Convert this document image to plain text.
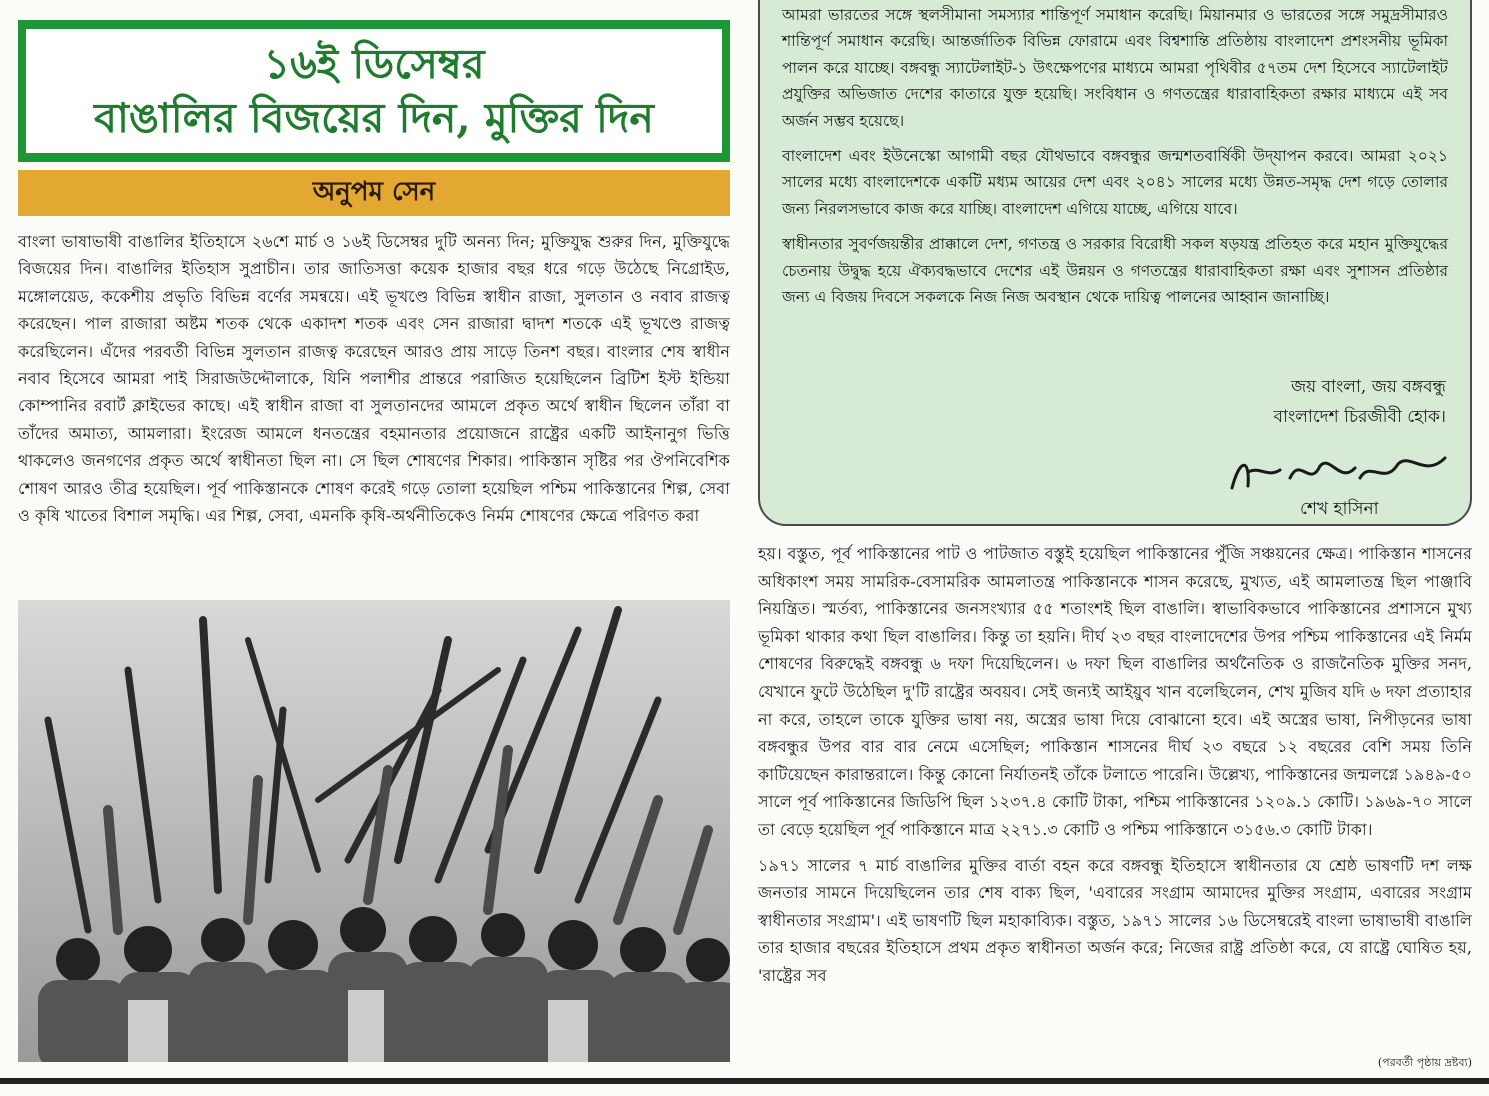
১৬ই ডিসেম্বর
বাঙালির বিজয়ের দিন, মুক্তির দিন
অনুপম সেন
বাংলা ভাষাভাষী বাঙালির ইতিহাসে ২৬শে মার্চ ও ১৬ই ডিসেম্বর দুটি অনন্য দিন; মুক্তিযুদ্ধ শুরুর দিন, মুক্তিযুদ্ধে বিজয়ের দিন। বাঙালির ইতিহাস সুপ্রাচীন। তার জাতিসত্তা কয়েক হাজার বছর ধরে গড়ে উঠেছে নিগ্রোইড, মঙ্গোলয়েড, ককেশীয় প্রভৃতি বিভিন্ন বর্ণের সমন্বয়ে। এই ভূখণ্ডে বিভিন্ন স্বাধীন রাজা, সুলতান ও নবাব রাজত্ব করেছেন। পাল রাজারা অষ্টম শতক থেকে একাদশ শতক এবং সেন রাজারা দ্বাদশ শতকে এই ভূখণ্ডে রাজত্ব করেছিলেন। এঁদের পরবর্তী বিভিন্ন সুলতান রাজত্ব করেছেন আরও প্রায় সাড়ে তিনশ বছর। বাংলার শেষ স্বাধীন নবাব হিসেবে আমরা পাই সিরাজউদ্দৌলাকে, যিনি পলাশীর প্রান্তরে পরাজিত হয়েছিলেন ব্রিটিশ ইস্ট ইন্ডিয়া কোম্পানির রবার্ট ক্লাইভের কাছে। এই স্বাধীন রাজা বা সুলতানদের আমলে প্রকৃত অর্থে স্বাধীন ছিলেন তাঁরা বা তাঁদের অমাত্য, আমলারা। ইংরেজ আমলে ধনতন্ত্রের বহমানতার প্রয়োজনে রাষ্ট্রের একটি আইনানুগ ভিত্তি থাকলেও জনগণের প্রকৃত অর্থে স্বাধীনতা ছিল না। সে ছিল শোষণের শিকার। পাকিস্তান সৃষ্টির পর ঔপনিবেশিক শোষণ আরও তীব্র হয়েছিল। পূর্ব পাকিস্তানকে শোষণ করেই গড়ে তোলা হয়েছিল পশ্চিম পাকিস্তানের শিল্প, সেবা ও কৃষি খাতের বিশাল সমৃদ্ধি। এর শিল্প, সেবা, এমনকি কৃষি-অর্থনীতিকেও নির্মম শোষণের ক্ষেত্রে পরিণত করা

আমরা ভারতের সঙ্গে স্থলসীমানা সমস্যার শান্তিপূর্ণ সমাধান করেছি। মিয়ানমার ও ভারতের সঙ্গে সমুদ্রসীমারও শান্তিপূর্ণ সমাধান করেছি। আন্তর্জাতিক বিভিন্ন ফোরামে এবং বিশ্বশান্তি প্রতিষ্ঠায় বাংলাদেশ প্রশংসনীয় ভূমিকা পালন করে যাচ্ছে। বঙ্গবন্ধু স্যাটেলাইট-১ উৎক্ষেপণের মাধ্যমে আমরা পৃথিবীর ৫৭তম দেশ হিসেবে স্যাটেলাইট প্রযুক্তির অভিজাত দেশের কাতারে যুক্ত হয়েছি। সংবিধান ও গণতন্ত্রের ধারাবাহিকতা রক্ষার মাধ্যমে এই সব অর্জন সম্ভব হয়েছে।

বাংলাদেশ এবং ইউনেস্কো আগামী বছর যৌথভাবে বঙ্গবন্ধুর জন্মশতবার্ষিকী উদ্‌যাপন করবে। আমরা ২০২১ সালের মধ্যে বাংলাদেশকে একটি মধ্যম আয়ের দেশ এবং ২০৪১ সালের মধ্যে উন্নত-সমৃদ্ধ দেশ গড়ে তোলার জন্য নিরলসভাবে কাজ করে যাচ্ছি। বাংলাদেশ এগিয়ে যাচ্ছে, এগিয়ে যাবে।

স্বাধীনতার সুবর্ণজয়ন্তীর প্রাক্কালে দেশ, গণতন্ত্র ও সরকার বিরোধী সকল ষড়যন্ত্র প্রতিহত করে মহান মুক্তিযুদ্ধের চেতনায় উদ্বুদ্ধ হয়ে ঐক্যবদ্ধভাবে দেশের এই উন্নয়ন ও গণতন্ত্রের ধারাবাহিকতা রক্ষা এবং সুশাসন প্রতিষ্ঠার জন্য এ বিজয় দিবসে সকলকে নিজ নিজ অবস্থান থেকে দায়িত্ব পালনের আহ্বান জানাচ্ছি।

জয় বাংলা, জয় বঙ্গবন্ধু
বাংলাদেশ চিরজীবী হোক।
শেখ হাসিনা

হয়। বস্তুত, পূর্ব পাকিস্তানের পাট ও পাটজাত বস্তুই হয়েছিল পাকিস্তানের পুঁজি সঞ্চয়নের ক্ষেত্র। পাকিস্তান শাসনের অধিকাংশ সময় সামরিক-বেসামরিক আমলাতন্ত্র পাকিস্তানকে শাসন করেছে, মুখ্যত, এই আমলাতন্ত্র ছিল পাঞ্জাবি নিয়ন্ত্রিত। স্মর্তব্য, পাকিস্তানের জনসংখ্যার ৫৫ শতাংশই ছিল বাঙালি। স্বাভাবিকভাবে পাকিস্তানের প্রশাসনে মুখ্য ভূমিকা থাকার কথা ছিল বাঙালির। কিন্তু তা হয়নি। দীর্ঘ ২৩ বছর বাংলাদেশের উপর পশ্চিম পাকিস্তানের এই নির্মম শোষণের বিরুদ্ধেই বঙ্গবন্ধু ৬ দফা দিয়েছিলেন। ৬ দফা ছিল বাঙালির অর্থনৈতিক ও রাজনৈতিক মুক্তির সনদ, যেখানে ফুটে উঠেছিল দু'টি রাষ্ট্রের অবয়ব। সেই জন্যই আইয়ুব খান বলেছিলেন, শেখ মুজিব যদি ৬ দফা প্রত্যাহার না করে, তাহলে তাকে যুক্তির ভাষা নয়, অস্ত্রের ভাষা দিয়ে বোঝানো হবে। এই অস্ত্রের ভাষা, নিপীড়নের ভাষা বঙ্গবন্ধুর উপর বার বার নেমে এসেছিল; পাকিস্তান শাসনের দীর্ঘ ২৩ বছরে ১২ বছরের বেশি সময় তিনি কাটিয়েছেন কারান্তরালে। কিন্তু কোনো নির্যাতনই তাঁকে টলাতে পারেনি। উল্লেখ্য, পাকিস্তানের জন্মলগ্নে ১৯৪৯-৫০ সালে পূর্ব পাকিস্তানের জিডিপি ছিল ১২৩৭.৪ কোটি টাকা, পশ্চিম পাকিস্তানের ১২০৯.১ কোটি। ১৯৬৯-৭০ সালে তা বেড়ে হয়েছিল পূর্ব পাকিস্তানে মাত্র ২২৭১.৩ কোটি ও পশ্চিম পাকিস্তানে ৩১৫৬.৩ কোটি টাকা।

১৯৭১ সালের ৭ মার্চ বাঙালির মুক্তির বার্তা বহন করে বঙ্গবন্ধু ইতিহাসে স্বাধীনতার যে শ্রেষ্ঠ ভাষণটি দশ লক্ষ জনতার সামনে দিয়েছিলেন তার শেষ বাক্য ছিল, 'এবারের সংগ্রাম আমাদের মুক্তির সংগ্রাম, এবারের সংগ্রাম স্বাধীনতার সংগ্রাম'। এই ভাষণটি ছিল মহাকাব্যিক। বস্তুত, ১৯৭১ সালের ১৬ ডিসেম্বরেই বাংলা ভাষাভাষী বাঙালি তার হাজার বছরের ইতিহাসে প্রথম প্রকৃত স্বাধীনতা অর্জন করে; নিজের রাষ্ট্র প্রতিষ্ঠা করে, যে রাষ্ট্রে ঘোষিত হয়, 'রাষ্ট্রের সব

(পরবর্তী পৃষ্ঠায় দ্রষ্টব্য)
